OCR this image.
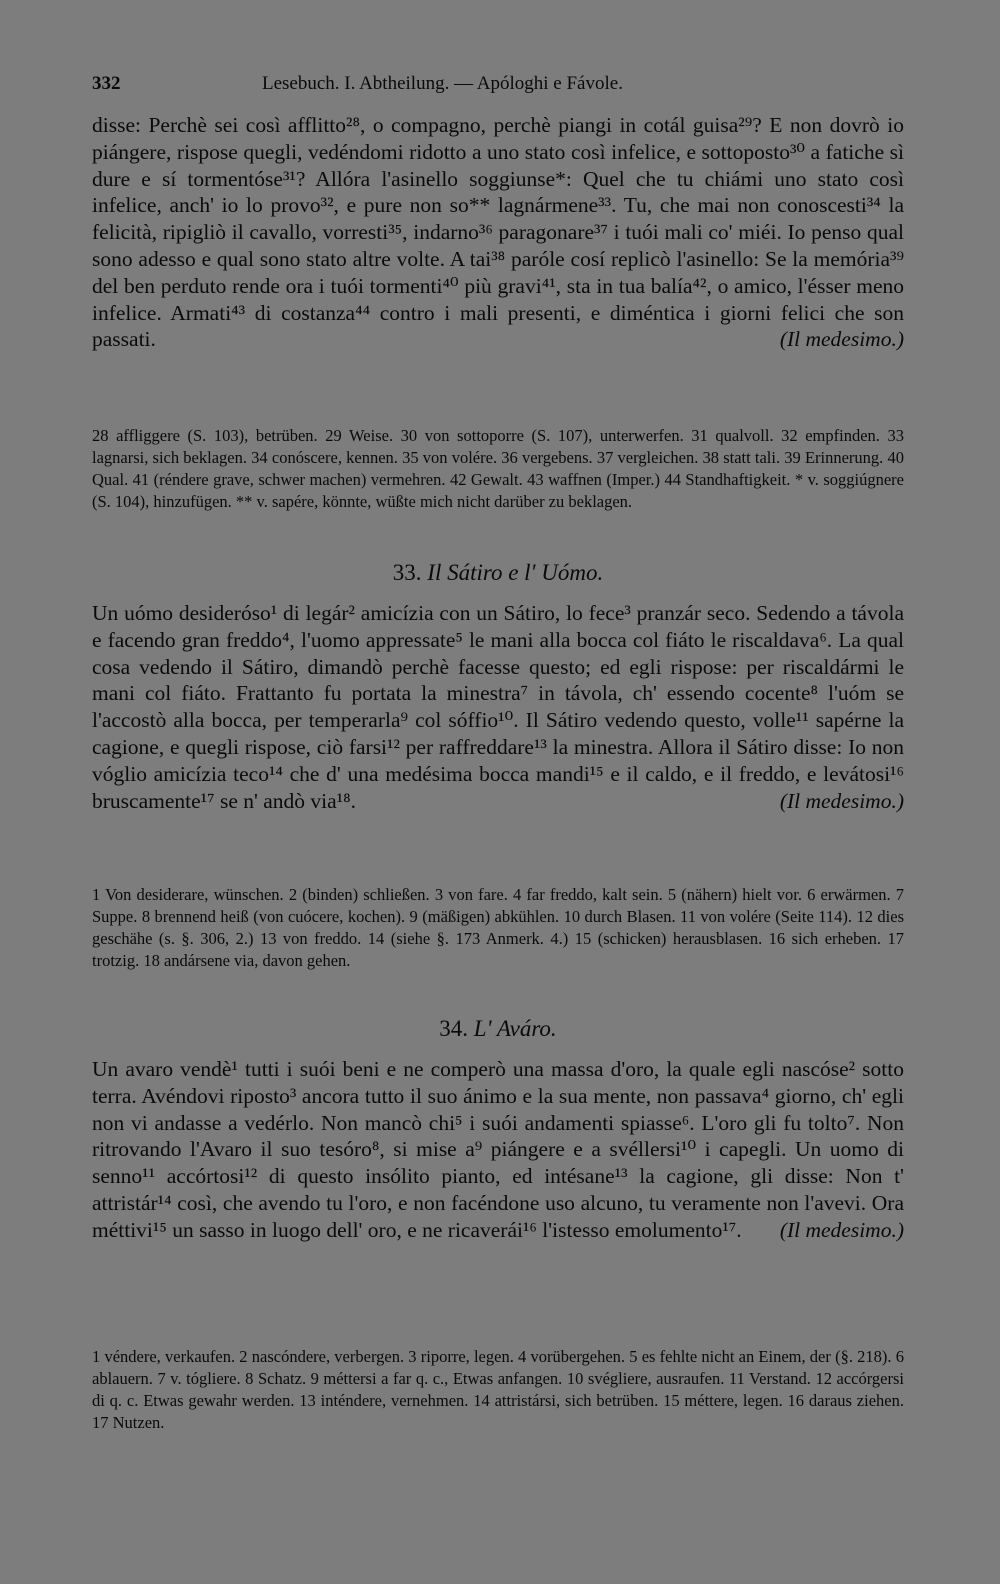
332	Lesebuch. I. Abtheilung. — Apóloghi e Fávole.

disse: Perchè sei così afflitto²⁸, o compagno, perchè piangi in cotál guisa²⁹? E non dovrò io piángere, rispose quegli, vedéndomi ridotto a uno stato così infelice, e sottoposto³⁰ a fatiche sì dure e sí tormentóse³¹? Allóra l'asinello soggiunse*: Quel che tu chiámi uno stato così infelice, anch' io lo provo³², e pure non so** lagnármene³³. Tu, che mai non conoscesti³⁴ la felicità, ripigliò il cavallo, vorresti³⁵, indarno³⁶ paragonare³⁷ i tuói mali co' miéi. Io penso qual sono adesso e qual sono stato altre volte. A tai³⁸ paróle cosí replicò l'asinello: Se la memória³⁹ del ben perduto rende ora i tuói tormenti⁴⁰ più gravi⁴¹, sta in tua balía⁴², o amico, l'ésser meno infelice. Armati⁴³ di costanza⁴⁴ contro i mali presenti, e diméntica i giorni felici che son passati.	(Il medesimo.)

28 affliggere (S. 103), betrüben. 29 Weise. 30 von sottoporre (S. 107), unterwerfen. 31 qualvoll. 32 empfinden. 33 lagnarsi, sich beklagen. 34 conóscere, kennen. 35 von volére. 36 vergebens. 37 vergleichen. 38 statt tali. 39 Erinnerung. 40 Qual. 41 (réndere grave, schwer machen) vermehren. 42 Gewalt. 43 waffnen (Imper.) 44 Standhaftigkeit. * v. soggiúgnere (S. 104), hinzufügen. ** v. sapére, könnte, wüßte mich nicht darüber zu beklagen.

33. Il Sátiro e l' Uómo.

Un uómo desideróso¹ di legár² amicízia con un Sátiro, lo fece³ pranzár seco. Sedendo a távola e facendo gran freddo⁴, l'uomo appressate⁵ le mani alla bocca col fiáto le riscaldava⁶. La qual cosa vedendo il Sátiro, dimandò perchè facesse questo; ed egli rispose: per riscaldármi le mani col fiáto. Frattanto fu portata la minestra⁷ in távola, ch' essendo cocente⁸ l'uóm se l'accostò alla bocca, per temperarla⁹ col sóffio¹⁰. Il Sátiro vedendo questo, volle¹¹ sapérne la cagione, e quegli rispose, ciò farsi¹² per raffreddare¹³ la minestra. Allora il Sátiro disse: Io non vóglio amicízia teco¹⁴ che d' una medésima bocca mandi¹⁵ e il caldo, e il freddo, e levátosi¹⁶ bruscamente¹⁷ se n' andò via¹⁸.	(Il medesimo.)

1 Von desiderare, wünschen. 2 (binden) schließen. 3 von fare. 4 far freddo, kalt sein. 5 (nähern) hielt vor. 6 erwärmen. 7 Suppe. 8 brennend heiß (von cuócere, kochen). 9 (mäßigen) abkühlen. 10 durch Blasen. 11 von volére (Seite 114). 12 dies geschähe (s. §. 306, 2.) 13 von freddo. 14 (siehe §. 173 Anmerk. 4.) 15 (schicken) herausblasen. 16 sich erheben. 17 trotzig. 18 andársene via, davon gehen.

34. L' Aváro.

Un avaro vendè¹ tutti i suói beni e ne comperò una massa d'oro, la quale egli nascóse² sotto terra. Avéndovi riposto³ ancora tutto il suo ánimo e la sua mente, non passava⁴ giorno, ch' egli non vi andasse a vedérlo. Non mancò chi⁵ i suói andamenti spiasse⁶. L'oro gli fu tolto⁷. Non ritrovando l'Avaro il suo tesóro⁸, si mise a⁹ piángere e a svéllersi¹⁰ i capegli. Un uomo di senno¹¹ accórtosi¹² di questo insólito pianto, ed intésane¹³ la cagione, gli disse: Non t' attristár¹⁴ così, che avendo tu l'oro, e non facéndone uso alcuno, tu veramente non l'avevi. Ora méttivi¹⁵ un sasso in luogo dell' oro, e ne ricaverái¹⁶ l'istesso emolumento¹⁷. (Il medesimo.)

1 véndere, verkaufen. 2 nascóndere, verbergen. 3 riporre, legen. 4 vorübergehen. 5 es fehlte nicht an Einem, der (§. 218). 6 ablauern. 7 v. tógliere. 8 Schatz. 9 méttersi a far q. c., Etwas anfangen. 10 svégliere, ausraufen. 11 Verstand. 12 accórgersi di q. c. Etwas gewahr werden. 13 inténdere, vernehmen. 14 attristársi, sich betrüben. 15 méttere, legen. 16 daraus ziehen. 17 Nutzen.
